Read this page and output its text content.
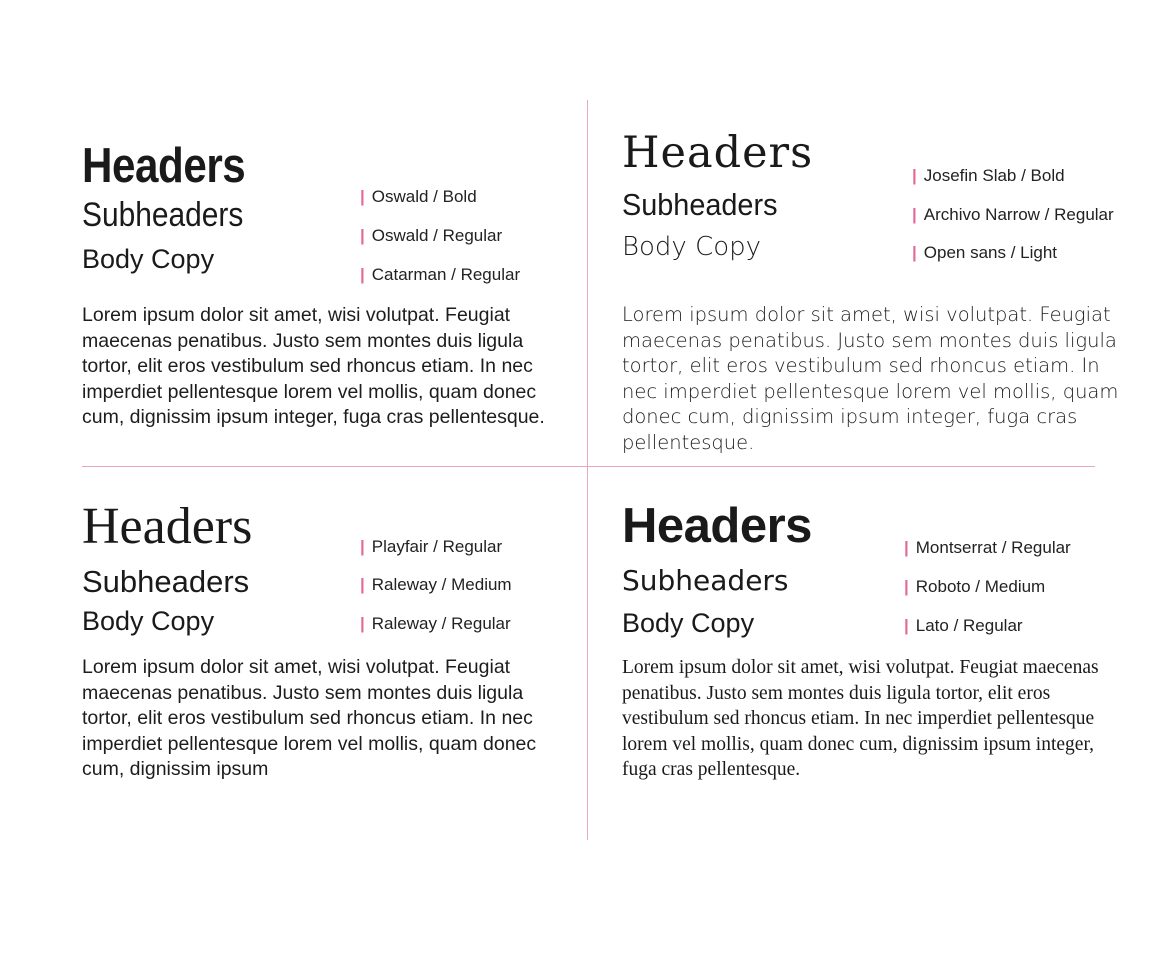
Headers
| Oswald / Bold
Subheaders
| Oswald / Regular
Body Copy
| Catarman / Regular
Lorem ipsum dolor sit amet, wisi volutpat. Feugiat maecenas penatibus. Justo sem montes duis ligula tortor, elit eros vestibulum sed rhoncus etiam. In nec imperdiet pellentesque lorem vel mollis, quam donec cum, dignissim ipsum integer, fuga cras pellentesque.
Headers	| Josefin Slab / Bold
Subheaders	| Archivo Narrow / Regular
Body Copy	| Open sans / Light
Lorem ipsum dolor sit amet, wisi volutpat. Feugiat maecenas penatibus. Justo sem montes duis ligula tortor, elit eros vestibulum sed rhoncus etiam. In nec imperdiet pellentesque lorem vel mollis, quam donec cum, dignissim ipsum integer, fuga cras pellentesque.
Headers	| Playfair / Regular
Subheaders	| Raleway / Medium
Body Copy	| Raleway / Regular
Lorem ipsum dolor sit amet, wisi volutpat. Feugiat maecenas penatibus. Justo sem montes duis ligula tortor, elit eros vestibulum sed rhoncus etiam. In nec imperdiet pellentesque lorem vel mollis, quam donec cum, dignissim ipsum
Headers	| Montserrat / Regular
Subheaders	| Roboto / Medium
Body Copy	| Lato / Regular
Lorem ipsum dolor sit amet, wisi volutpat. Feugiat maecenas penatibus. Justo sem montes duis ligula tortor, elit eros vestibulum sed rhoncus etiam. In nec imperdiet pellentesque lorem vel mollis, quam donec cum, dignissim ipsum integer, fuga cras pellentesque.
